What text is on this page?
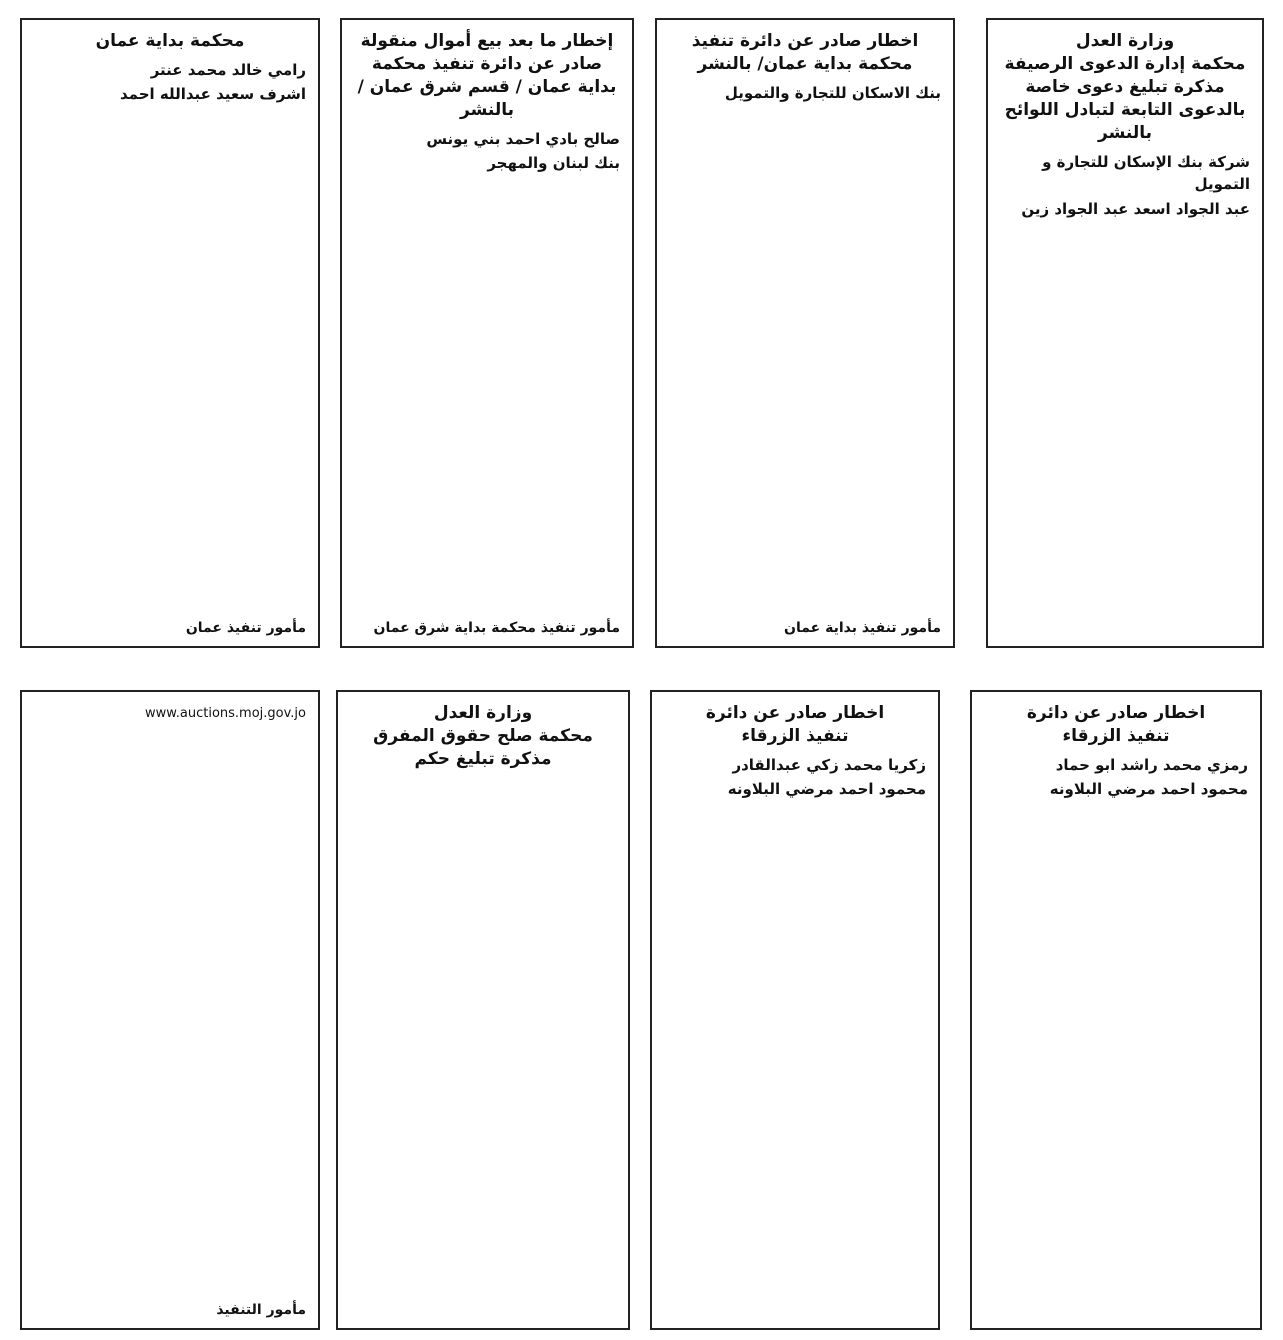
وزارة العدل
محكمة إدارة الدعوى الرصيفة
مذكرة تبليغ دعوى خاصة بالدعوى التابعة لتبادل اللوائح بالنشر
شركة بنك الإسكان للتجارة و التمويل
عبد الجواد اسعد عبد الجواد زين
اخطار صادر عن دائرة تنفيذ
محكمة بداية عمان/ بالنشر
بنك الاسكان للتجارة والتمويل
مأمور تنفيذ بداية عمان
إخطار ما بعد بيع أموال منقولة صادر عن دائرة تنفيذ محكمة
بداية عمان / قسم شرق عمان / بالنشر
صالح بادي احمد بني يونس
بنك لبنان والمهجر
مأمور تنفيذ محكمة بداية شرق عمان
محكمة بداية عمان
رامي خالد محمد عنتر
اشرف سعيد عبدالله احمد
مأمور تنفيذ عمان
اخطار صادر عن دائرة
تنفيذ الزرقاء
رمزي محمد راشد ابو حماد
محمود احمد مرضي البلاونه
اخطار صادر عن دائرة
تنفيذ الزرقاء
زكريا محمد زكي عبدالقادر
محمود احمد مرضي البلاونه
وزارة العدل
محكمة صلح حقوق المفرق
مذكرة تبليغ حكم
www.auctions.moj.gov.jo
مأمور التنفيذ
